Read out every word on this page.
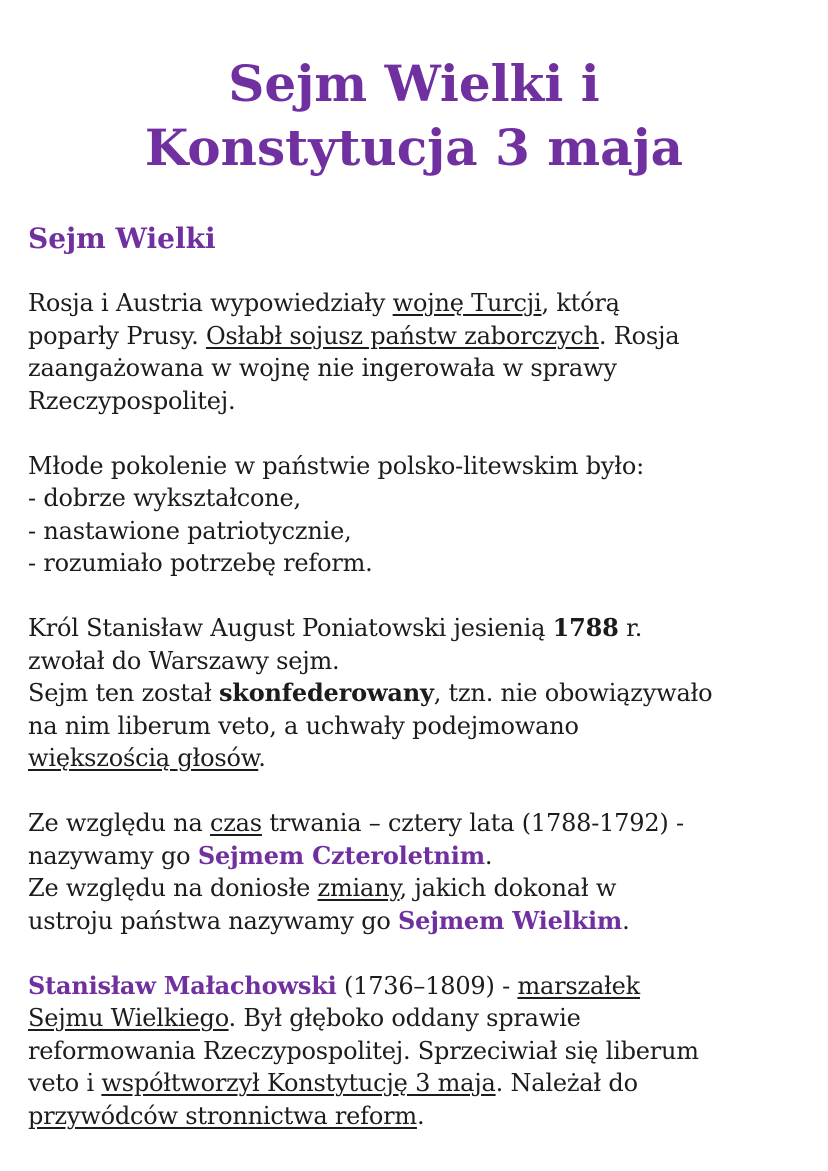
Sejm Wielki i
Konstytucja 3 maja
Sejm Wielki

Rosja i Austria wypowiedziały wojnę Turcji, którą
poparły Prusy. Osłabł sojusz państw zaborczych. Rosja
zaangażowana w wojnę nie ingerowała w sprawy
Rzeczypospolitej.

Młode pokolenie w państwie polsko-litewskim było:
- dobrze wykształcone,
- nastawione patriotycznie,
- rozumiało potrzebę reform.

Król Stanisław August Poniatowski jesienią 1788 r.
zwołał do Warszawy sejm.
Sejm ten został skonfederowany, tzn. nie obowiązywało
na nim liberum veto, a uchwały podejmowano
większością głosów.

Ze względu na czas trwania – cztery lata (1788-1792) -
nazywamy go Sejmem Czteroletnim.
Ze względu na doniosłe zmiany, jakich dokonał w
ustroju państwa nazywamy go Sejmem Wielkim.

Stanisław Małachowski (1736–1809) - marszałek
Sejmu Wielkiego. Był głęboko oddany sprawie
reformowania Rzeczypospolitej. Sprzeciwiał się liberum
veto i współtworzył Konstytucję 3 maja. Należał do
przywódców stronnictwa reform.
